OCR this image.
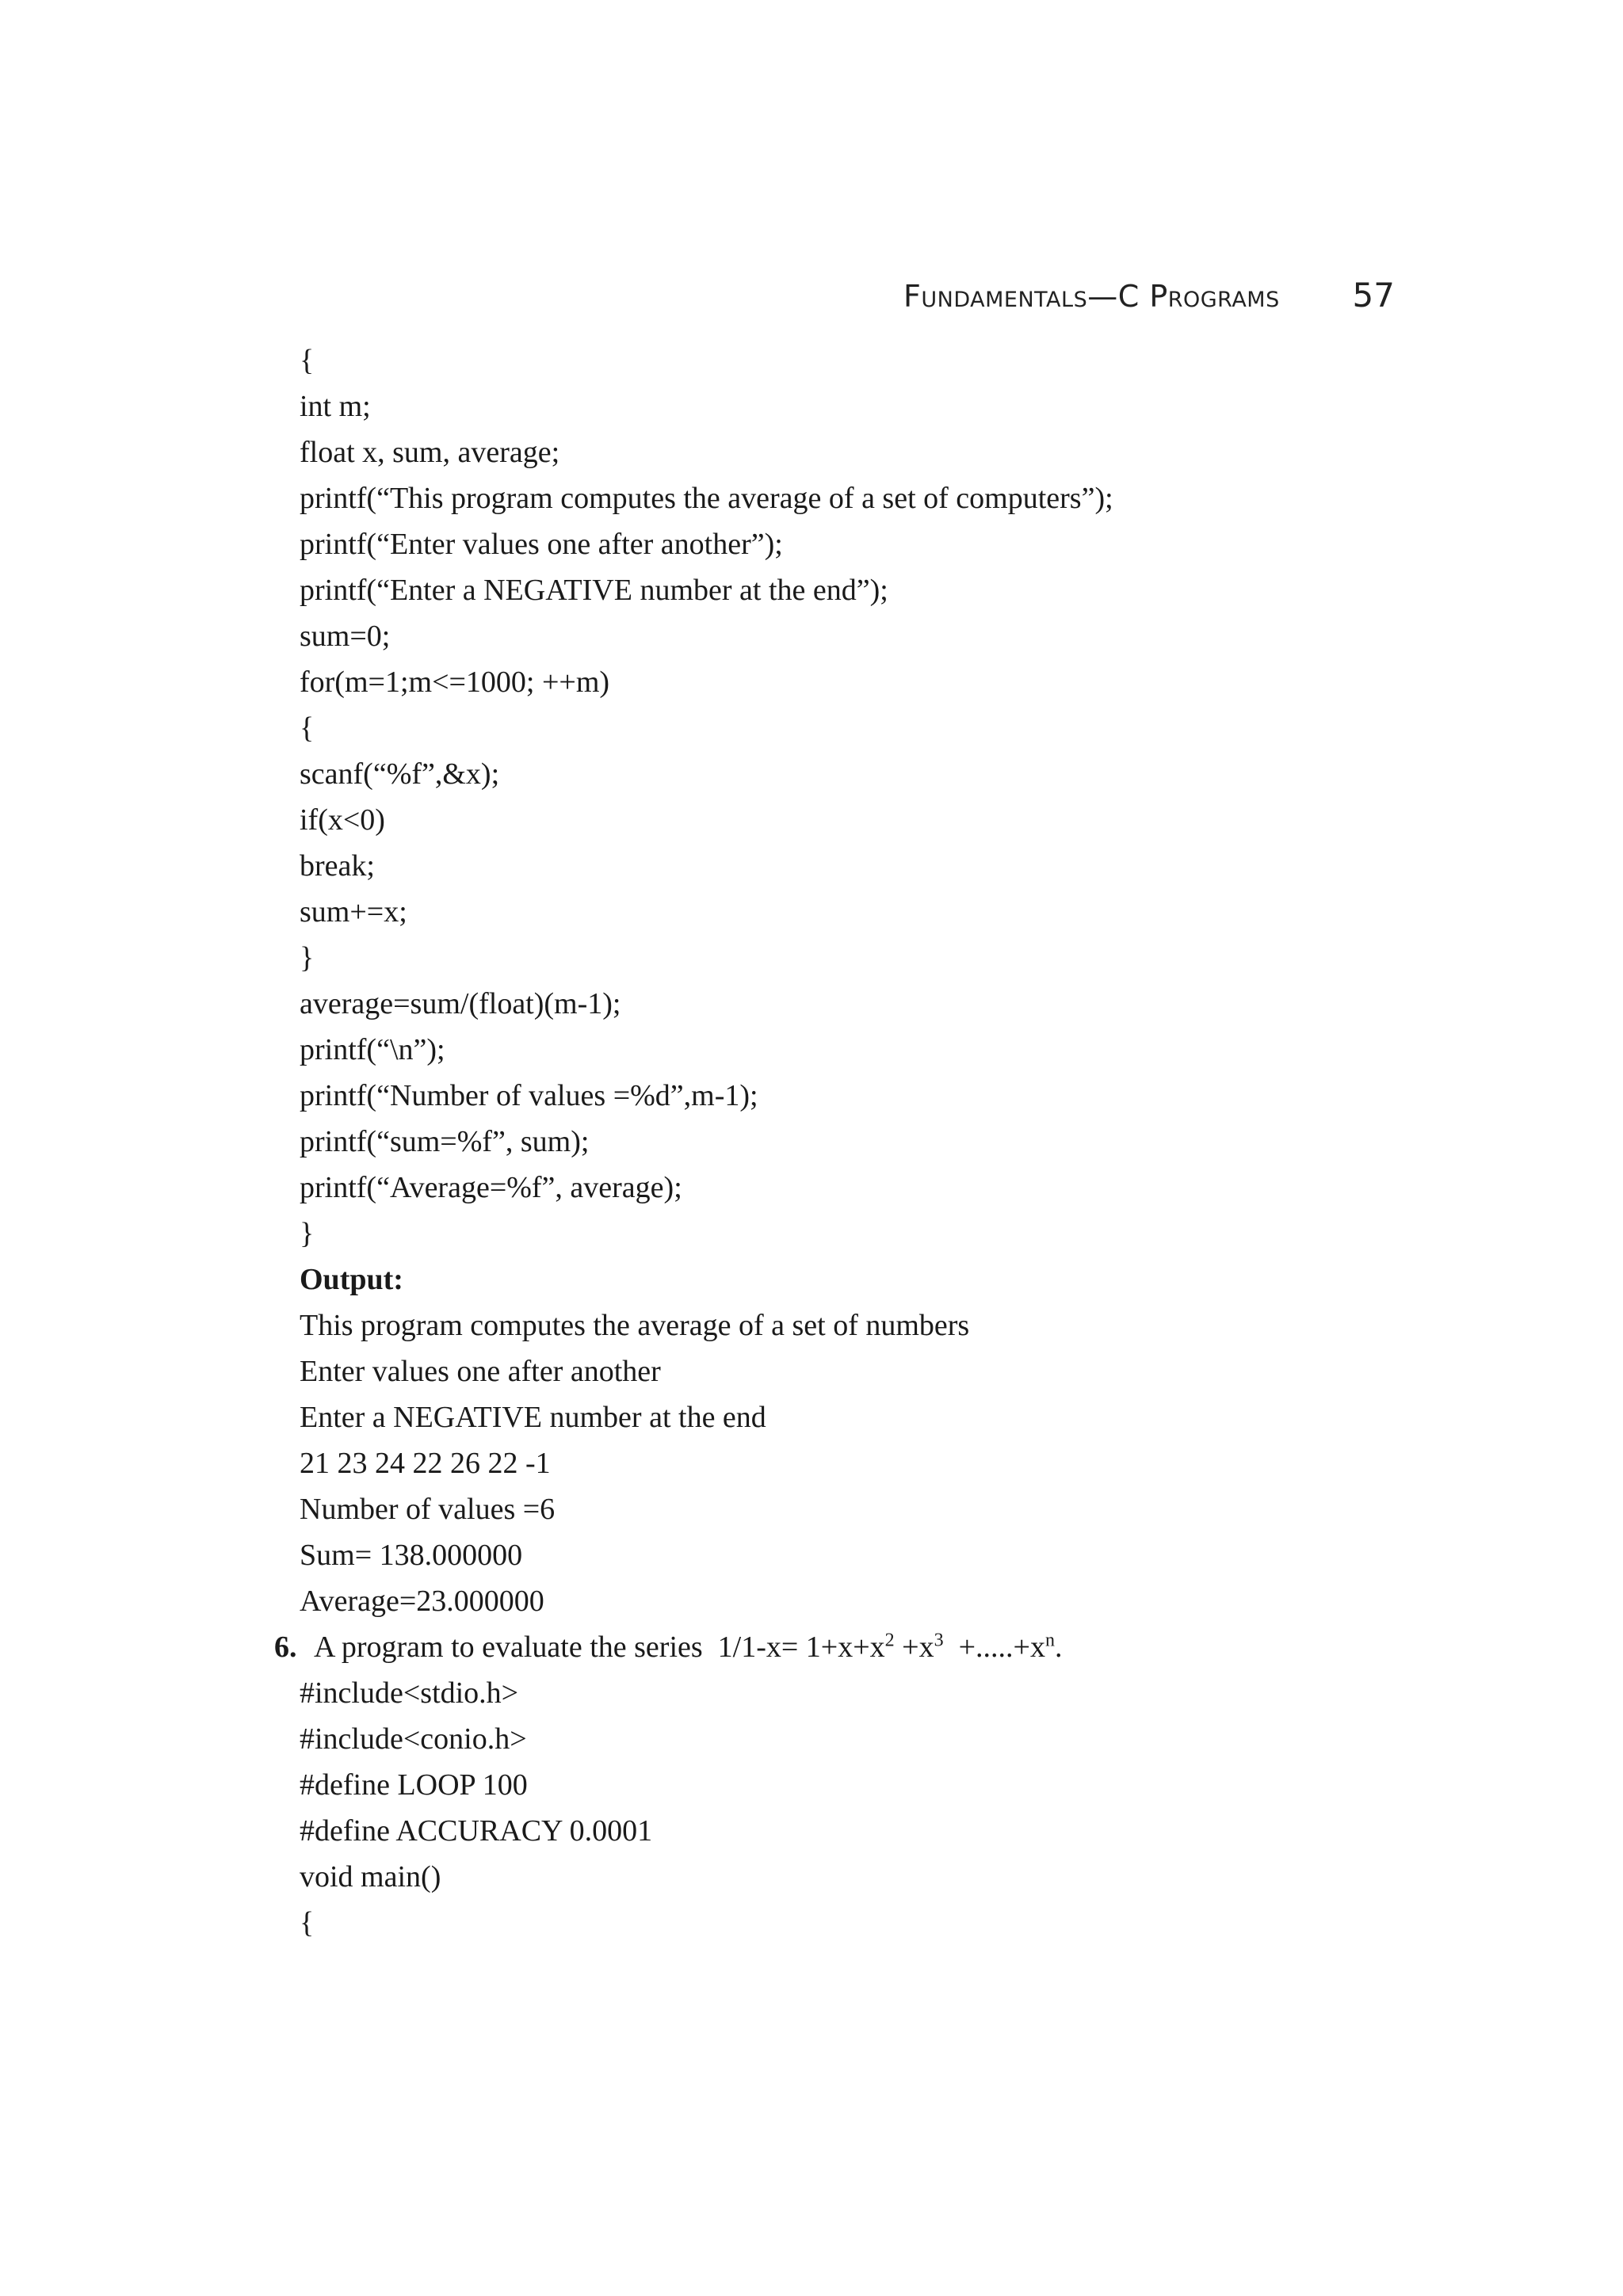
Fundamentals—C Programs 57
{
int m;
float x, sum, average;
printf(“This program computes the average of a set of computers”);
printf(“Enter values one after another”);
printf(“Enter a NEGATIVE number at the end”);
sum=0;
for(m=1;m<=1000; ++m)
{
scanf(“%f”,&x);
if(x<0)
break;
sum+=x;
}
average=sum/(float)(m-1);
printf(“\n”);
printf(“Number of values =%d”,m-1);
printf(“sum=%f”, sum);
printf(“Average=%f”, average);
}
Output:
This program computes the average of a set of numbers
Enter values one after another
Enter a NEGATIVE number at the end
21 23 24 22 26 22 -1
Number of values =6
Sum= 138.000000
Average=23.000000
6. A program to evaluate the series  $1/1-x= 1+x+x^2 +x^3 +.....+x^n$.
#include<stdio.h>
#include<conio.h>
#define LOOP 100
#define ACCURACY 0.0001
void main()
{
